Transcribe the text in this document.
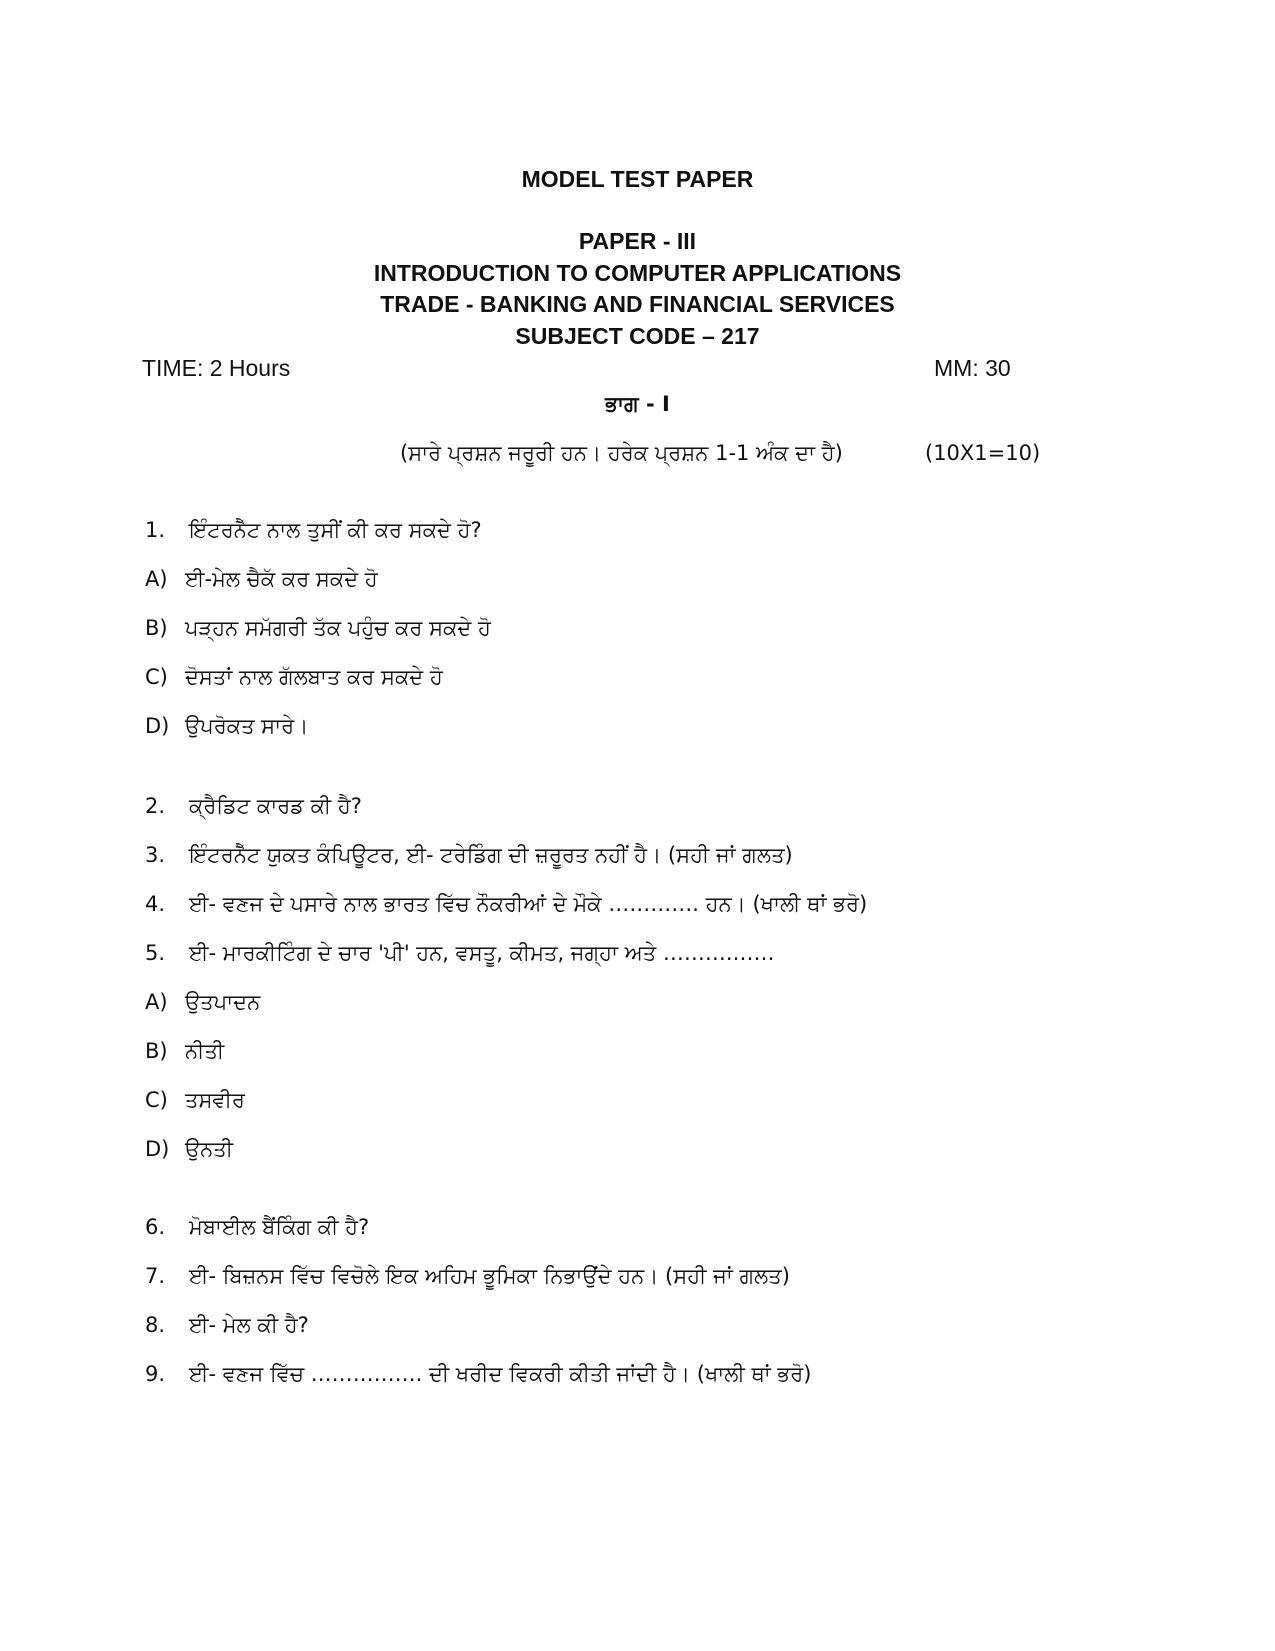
MODEL TEST PAPER
PAPER - III
INTRODUCTION TO COMPUTER APPLICATIONS
TRADE - BANKING AND FINANCIAL SERVICES
SUBJECT CODE – 217
TIME: 2 Hours	MM: 30
ਭਾਗ - I
(ਸਾਰੇ ਪ੍ਰਸ਼ਨ ਜਰੂਰੀ ਹਨ। ਹਰੇਕ ਪ੍ਰਸ਼ਨ 1-1 ਅੰਕ ਦਾ ਹੈ)	(10X1=10)
1. ਇੰਟਰਨੈੱਟ ਨਾਲ ਤੁਸੀਂ ਕੀ ਕਰ ਸਕਦੇ ਹੋ?
A) ਈ-ਮੇਲ ਚੈਕੱ ਕਰ ਸਕਦੇ ਹੋ
B) ਪੜ੍ਹਨ ਸਮੱਗਰੀ ਤੱਕ ਪਹੁੰਚ ਕਰ ਸਕਦੇ ਹੋ
C) ਦੋਸਤਾਂ ਨਾਲ ਗੱਲਬਾਤ ਕਰ ਸਕਦੇ ਹੋ
D) ਉਪਰੋਕਤ ਸਾਰੇ।
2. ਕ੍ਰੈਡਿਟ ਕਾਰਡ ਕੀ ਹੈ?
3. ਇੰਟਰਨੈੱਟ ਯੁਕਤ ਕੰਪਿਊਟਰ, ਈ- ਟਰੇਡਿੰਗ ਦੀ ਜ਼ਰੂਰਤ ਨਹੀਂ ਹੈ। (ਸਹੀ ਜਾਂ ਗਲਤ)
4. ਈ- ਵਣਜ ਦੇ ਪਸਾਰੇ ਨਾਲ ਭਾਰਤ ਵਿੱਚ ਨੌਕਰੀਆਂ ਦੇ ਮੌਕੇ …………. ਹਨ। (ਖਾਲੀ ਥਾਂ ਭਰੋ)
5. ਈ- ਮਾਰਕੀਟਿੰਗ ਦੇ ਚਾਰ 'ਪੀ' ਹਨ, ਵਸਤੂ, ਕੀਮਤ, ਜਗ੍ਹਾ ਅਤੇ ……….……
A) ਉਤਪਾਦਨ
B) ਨੀਤੀ
C) ਤਸਵੀਰ
D) ਉਨਤੀ
6. ਮੋਬਾਈਲ ਬੈਂਕਿੰਗ ਕੀ ਹੈ?
7. ਈ- ਬਿਜ਼ਨਸ ਵਿੱਚ ਵਿਚੋਲੇ ਇਕ ਅਹਿਮ ਭੂਮਿਕਾ ਨਿਭਾਉਂਦੇ ਹਨ। (ਸਹੀ ਜਾਂ ਗਲਤ)
8. ਈ- ਮੇਲ ਕੀ ਹੈ?
9. ਈ- ਵਣਜ ਵਿੱਚ ……………. ਦੀ ਖਰੀਦ ਵਿਕਰੀ ਕੀਤੀ ਜਾਂਦੀ ਹੈ। (ਖਾਲੀ ਥਾਂ ਭਰੋ)
